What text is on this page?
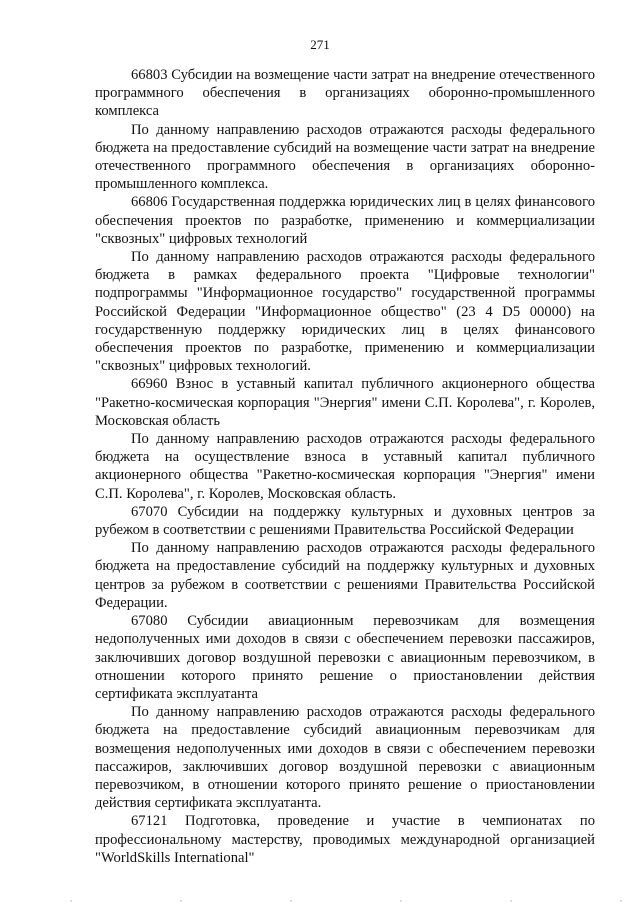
271

66803 Субсидии на возмещение части затрат на внедрение отечественного программного обеспечения в организациях оборонно-промышленного комплекса

По данному направлению расходов отражаются расходы федерального бюджета на предоставление субсидий на возмещение части затрат на внедрение отечественного программного обеспечения в организациях оборонно-промышленного комплекса.

66806 Государственная поддержка юридических лиц в целях финансового обеспечения проектов по разработке, применению и коммерциализации "сквозных" цифровых технологий

По данному направлению расходов отражаются расходы федерального бюджета в рамках федерального проекта "Цифровые технологии" подпрограммы "Информационное государство" государственной программы Российской Федерации "Информационное общество" (23 4 D5 00000) на государственную поддержку юридических лиц в целях финансового обеспечения проектов по разработке, применению и коммерциализации "сквозных" цифровых технологий.

66960 Взнос в уставный капитал публичного акционерного общества "Ракетно-космическая корпорация "Энергия" имени С.П. Королева", г. Королев, Московская область

По данному направлению расходов отражаются расходы федерального бюджета на осуществление взноса в уставный капитал публичного акционерного общества "Ракетно-космическая корпорация "Энергия" имени С.П. Королева", г. Королев, Московская область.

67070 Субсидии на поддержку культурных и духовных центров за рубежом в соответствии с решениями Правительства Российской Федерации

По данному направлению расходов отражаются расходы федерального бюджета на предоставление субсидий на поддержку культурных и духовных центров за рубежом в соответствии с решениями Правительства Российской Федерации.

67080 Субсидии авиационным перевозчикам для возмещения недополученных ими доходов в связи с обеспечением перевозки пассажиров, заключивших договор воздушной перевозки с авиационным перевозчиком, в отношении которого принято решение о приостановлении действия сертификата эксплуатанта

По данному направлению расходов отражаются расходы федерального бюджета на предоставление субсидий авиационным перевозчикам для возмещения недополученных ими доходов в связи с обеспечением перевозки пассажиров, заключивших договор воздушной перевозки с авиационным перевозчиком, в отношении которого принято решение о приостановлении действия сертификата эксплуатанта.

67121 Подготовка, проведение и участие в чемпионатах по профессиональному мастерству, проводимых международной организацией "WorldSkills International"
